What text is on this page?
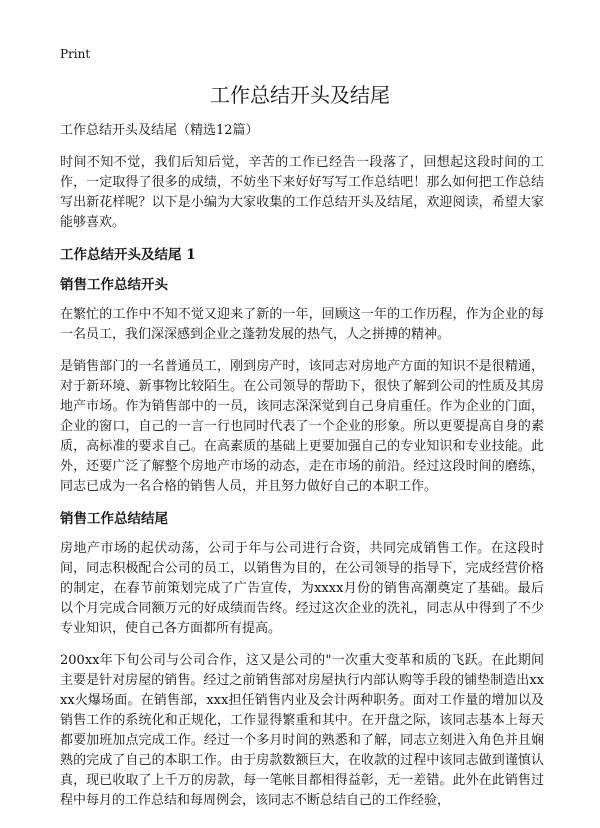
Print
工作总结开头及结尾
工作总结开头及结尾（精选12篇）

时间不知不觉，我们后知后觉，辛苦的工作已经告一段落了，回想起这段时间的工作，一定取得了很多的成绩，不妨坐下来好好写写工作总结吧！那么如何把工作总结写出新花样呢？以下是小编为大家收集的工作总结开头及结尾，欢迎阅读，希望大家能够喜欢。

工作总结开头及结尾 1
销售工作总结开头

在繁忙的工作中不知不觉又迎来了新的一年，回顾这一年的工作历程，作为企业的每一名员工，我们深深感到企业之蓬勃发展的热气，人之拼搏的精神。

是销售部门的一名普通员工，刚到房产时，该同志对房地产方面的知识不是很精通，对于新环境、新事物比较陌生。在公司领导的帮助下，很快了解到公司的性质及其房地产市场。作为销售部中的一员，该同志深深觉到自己身肩重任。作为企业的门面，企业的窗口，自己的一言一行也同时代表了一个企业的形象。所以更要提高自身的素质，高标准的要求自己。在高素质的基础上更要加强自己的专业知识和专业技能。此外，还要广泛了解整个房地产市场的动态，走在市场的前沿。经过这段时间的磨练，同志已成为一名合格的销售人员，并且努力做好自己的本职工作。

销售工作总结结尾

房地产市场的起伏动荡，公司于年与公司进行合资，共同完成销售工作。在这段时间，同志积极配合公司的员工，以销售为目的，在公司领导的指导下，完成经营价格的制定，在春节前策划完成了广告宣传，为xxxx月份的销售高潮奠定了基础。最后以个月完成合同额万元的好成绩而告终。经过这次企业的洗礼，同志从中得到了不少专业知识，使自己各方面都所有提高。

200xx年下旬公司与公司合作，这又是公司的"一次重大变革和质的飞跃。在此期间主要是针对房屋的销售。经过之前销售部对房屋执行内部认购等手段的铺垫制造出xxxx火爆场面。在销售部，xxx担任销售内业及会计两种职务。面对工作量的增加以及销售工作的系统化和正规化，工作显得繁重和其中。在开盘之际，该同志基本上每天都要加班加点完成工作。经过一个多月时间的熟悉和了解，同志立刻进入角色并且娴熟的完成了自己的本职工作。由于房款数额巨大，在收款的过程中该同志做到谨慎认真，现已收取了上千万的房款，每一笔帐目都相得益彰，无一差错。此外在此销售过程中每月的工作总结和每周例会，该同志不断总结自己的工作经验，
